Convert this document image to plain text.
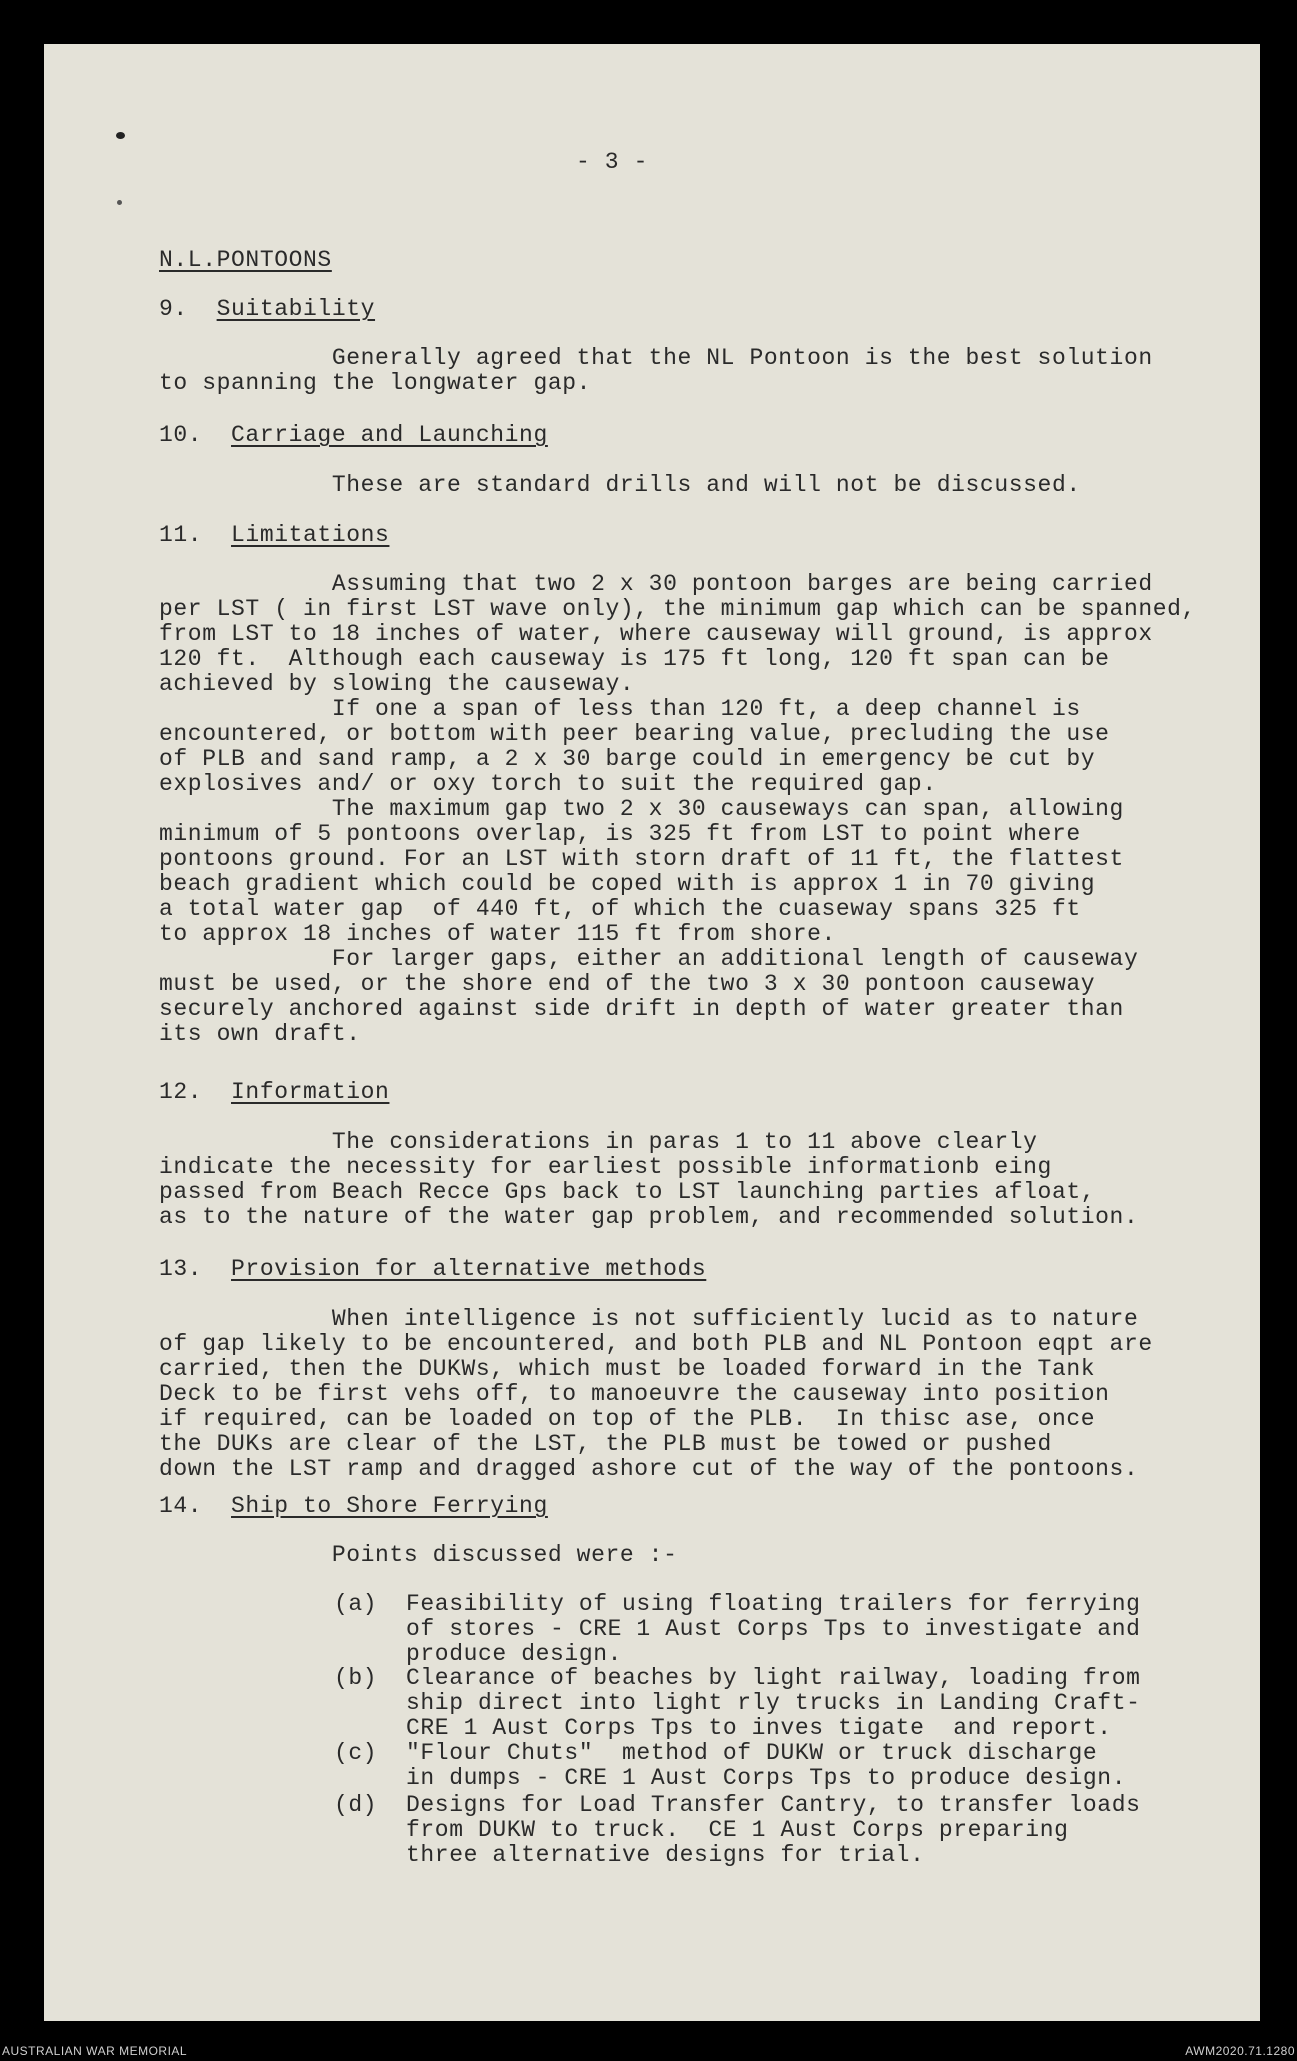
- 3 -
N.L.PONTOONS
9.  Suitability
Generally agreed that the NL Pontoon is the best solution
to spanning the longwater gap.
10.  Carriage and Launching
These are standard drills and will not be discussed.
11.  Limitations
Assuming that two 2 x 30 pontoon barges are being carried
per LST ( in first LST wave only), the minimum gap which can be spanned,
from LST to 18 inches of water, where causeway will ground, is approx
120 ft.  Although each causeway is 175 ft long, 120 ft span can be
achieved by slowing the causeway.
If one a span of less than 120 ft, a deep channel is
encountered, or bottom with peer bearing value, precluding the use
of PLB and sand ramp, a 2 x 30 barge could in emergency be cut by
explosives and/ or oxy torch to suit the required gap.
The maximum gap two 2 x 30 causeways can span, allowing
minimum of 5 pontoons overlap, is 325 ft from LST to point where
pontoons ground. For an LST with storn draft of 11 ft, the flattest
beach gradient which could be coped with is approx 1 in 70 giving
a total water gap  of 440 ft, of which the cuaseway spans 325 ft
to approx 18 inches of water 115 ft from shore.
For larger gaps, either an additional length of causeway
must be used, or the shore end of the two 3 x 30 pontoon causeway
securely anchored against side drift in depth of water greater than
its own draft.
12.  Information
The considerations in paras 1 to 11 above clearly
indicate the necessity for earliest possible informationb eing
passed from Beach Recce Gps back to LST launching parties afloat,
as to the nature of the water gap problem, and recommended solution.
13.  Provision for alternative methods
When intelligence is not sufficiently lucid as to nature
of gap likely to be encountered, and both PLB and NL Pontoon eqpt are
carried, then the DUKWs, which must be loaded forward in the Tank
Deck to be first vehs off, to manoeuvre the causeway into position
if required, can be loaded on top of the PLB.  In thisc ase, once
the DUKs are clear of the LST, the PLB must be towed or pushed
down the LST ramp and dragged ashore cut of the way of the pontoons.
14.  Ship to Shore Ferrying
Points discussed were :-
(a) Feasibility of using floating trailers for ferrying
of stores - CRE 1 Aust Corps Tps to investigate and
produce design.
(b) Clearance of beaches by light railway, loading from
ship direct into light rly trucks in Landing Craft-
CRE 1 Aust Corps Tps to inves tigate  and report.
(c) "Flour Chuts"  method of DUKW or truck discharge
in dumps - CRE 1 Aust Corps Tps to produce design.
(d) Designs for Load Transfer Cantry, to transfer loads
from DUKW to truck.  CE 1 Aust Corps preparing
three alternative designs for trial.
AUSTRALIAN WAR MEMORIAL	AWM2020.71.1280
